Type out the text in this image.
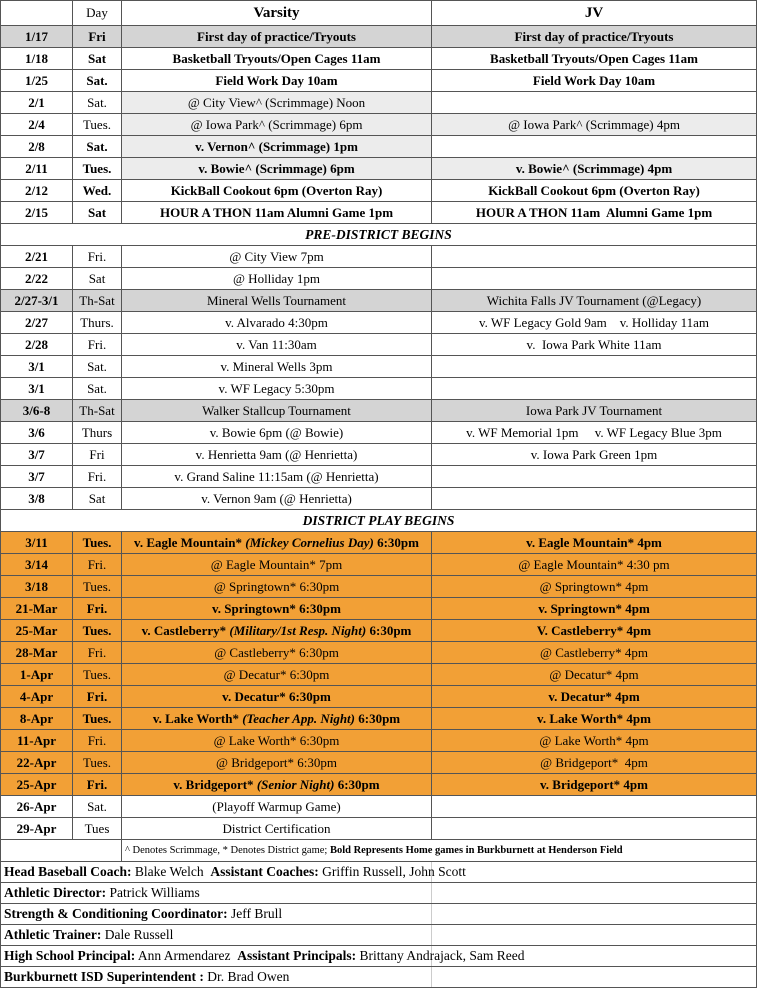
	Day	Varsity	JV
1/17	Fri	First day of practice/Tryouts	First day of practice/Tryouts
1/18	Sat	Basketball Tryouts/Open Cages 11am	Basketball Tryouts/Open Cages 11am
1/25	Sat.	Field Work Day 10am	Field Work Day 10am
2/1	Sat.	@ City View^ (Scrimmage) Noon	
2/4	Tues.	@ Iowa Park^ (Scrimmage) 6pm	@ Iowa Park^ (Scrimmage) 4pm
2/8	Sat.	v. Vernon^ (Scrimmage) 1pm	
2/11	Tues.	v. Bowie^ (Scrimmage) 6pm	v. Bowie^ (Scrimmage) 4pm
2/12	Wed.	KickBall Cookout 6pm (Overton Ray)	KickBall Cookout 6pm (Overton Ray)
2/15	Sat	HOUR A THON 11am Alumni Game 1pm	HOUR A THON 11am  Alumni Game 1pm
PRE-DISTRICT BEGINS			
2/21	Fri.	@ City View 7pm	
2/22	Sat	@ Holliday 1pm	
2/27-3/1	Th-Sat	Mineral Wells Tournament	Wichita Falls JV Tournament (@Legacy)
2/27	Thurs.	v. Alvarado 4:30pm	v. WF Legacy Gold 9am    v. Holliday 11am
2/28	Fri.	v. Van 11:30am	v.  Iowa Park White 11am
3/1	Sat.	v. Mineral Wells 3pm	
3/1	Sat.	v. WF Legacy 5:30pm	
3/6-8	Th-Sat	Walker Stallcup Tournament	Iowa Park JV Tournament
3/6	Thurs	v. Bowie 6pm (@ Bowie)	v. WF Memorial 1pm     v. WF Legacy Blue 3pm
3/7	Fri	v. Henrietta 9am (@ Henrietta)	v. Iowa Park Green 1pm
3/7	Fri.	v. Grand Saline 11:15am (@ Henrietta)	
3/8	Sat	v. Vernon 9am (@ Henrietta)	
DISTRICT PLAY BEGINS			
3/11	Tues.	v. Eagle Mountain* (Mickey Cornelius Day) 6:30pm	v. Eagle Mountain* 4pm
3/14	Fri.	@ Eagle Mountain* 7pm	@ Eagle Mountain* 4:30 pm
3/18	Tues.	@ Springtown* 6:30pm	@ Springtown* 4pm
21-Mar	Fri.	v. Springtown* 6:30pm	v. Springtown* 4pm
25-Mar	Tues.	v. Castleberry* (Military/1st Resp. Night) 6:30pm	V. Castleberry* 4pm
28-Mar	Fri.	@ Castleberry* 6:30pm	@ Castleberry* 4pm
1-Apr	Tues.	@ Decatur* 6:30pm	@ Decatur* 4pm
4-Apr	Fri.	v. Decatur* 6:30pm	v. Decatur* 4pm
8-Apr	Tues.	v. Lake Worth* (Teacher App. Night) 6:30pm	v. Lake Worth* 4pm
11-Apr	Fri.	@ Lake Worth* 6:30pm	@ Lake Worth* 4pm
22-Apr	Tues.	@ Bridgeport* 6:30pm	@ Bridgeport*  4pm
25-Apr	Fri.	v. Bridgeport* (Senior Night) 6:30pm	v. Bridgeport* 4pm
26-Apr	Sat.	(Playoff Warmup Game)	
29-Apr	Tues	District Certification	
		^ Denotes Scrimmage, * Denotes District game; Bold Represents Home games in Burkburnett at Henderson Field	
Head Baseball Coach: Blake Welch  Assistant Coaches: Griffin Russell, John Scott			
Athletic Director: Patrick Williams			
Strength & Conditioning Coordinator: Jeff Brull			
Athletic Trainer: Dale Russell			
High School Principal: Ann Armendarez  Assistant Principals: Brittany Andrajack, Sam Reed			
Burkburnett ISD Superintendent : Dr. Brad Owen			
